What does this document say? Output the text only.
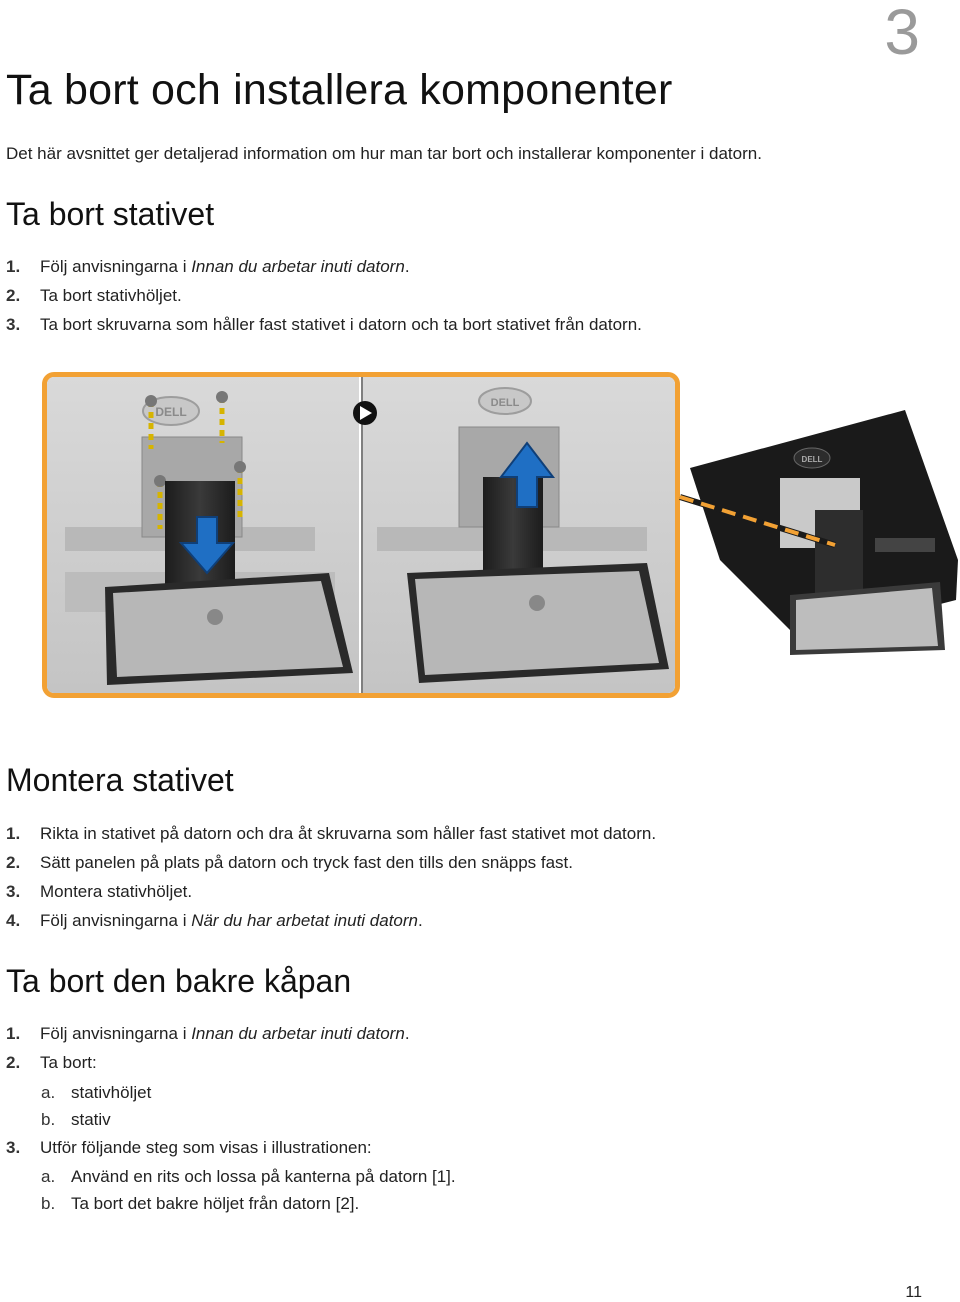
3
Ta bort och installera komponenter
Det här avsnittet ger detaljerad information om hur man tar bort och installerar komponenter i datorn.
Ta bort stativet
1. Följ anvisningarna i Innan du arbetar inuti datorn.
2. Ta bort stativhöljet.
3. Ta bort skruvarna som håller fast stativet i datorn och ta bort stativet från datorn.
DELL
DELL
DELL
Montera stativet
1. Rikta in stativet på datorn och dra åt skruvarna som håller fast stativet mot datorn.
2. Sätt panelen på plats på datorn och tryck fast den tills den snäpps fast.
3. Montera stativhöljet.
4. Följ anvisningarna i När du har arbetat inuti datorn.
Ta bort den bakre kåpan
1. Följ anvisningarna i Innan du arbetar inuti datorn.
2. Ta bort:
a. stativhöljet
b. stativ
3. Utför följande steg som visas i illustrationen:
a. Använd en rits och lossa på kanterna på datorn [1].
b. Ta bort det bakre höljet från datorn [2].
11
